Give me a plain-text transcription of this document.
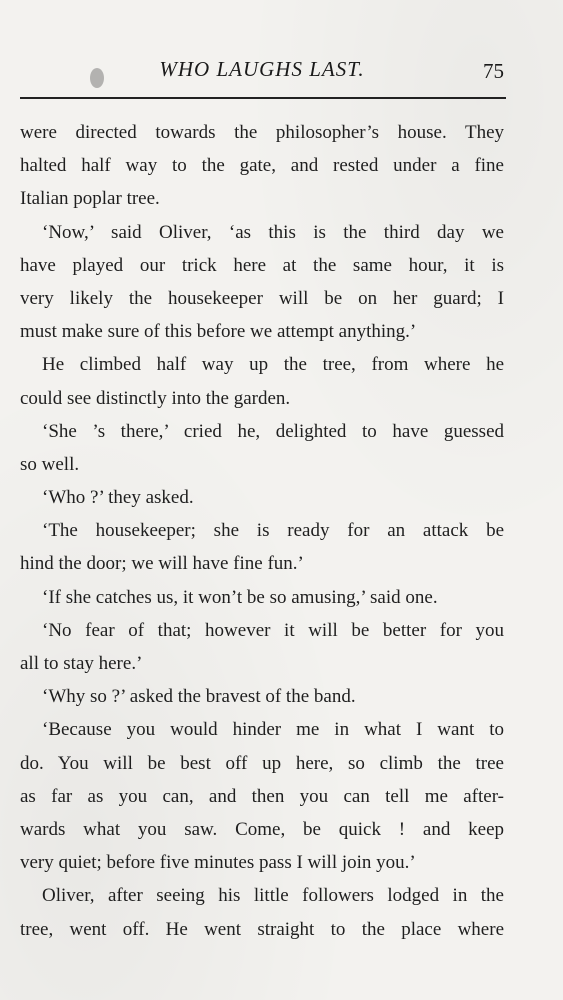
WHO LAUGHS LAST.	75
were directed towards the philosopher’s house. They
halted half way to the gate, and rested under a fine
Italian poplar tree.
‘Now,’ said Oliver, ‘as this is the third day we
have played our trick here at the same hour, it is
very likely the housekeeper will be on her guard; I
must make sure of this before we attempt anything.’
He climbed half way up the tree, from where he
could see distinctly into the garden.
‘She ’s there,’ cried he, delighted to have guessed
so well.
‘Who ?’ they asked.
‘The housekeeper; she is ready for an attack be
hind the door; we will have fine fun.’
‘If she catches us, it won’t be so amusing,’ said one.
‘No fear of that; however it will be better for you
all to stay here.’
‘Why so ?’ asked the bravest of the band.
‘Because you would hinder me in what I want to
do. You will be best off up here, so climb the tree
as far as you can, and then you can tell me after-
wards what you saw. Come, be quick ! and keep
very quiet; before five minutes pass I will join you.’
Oliver, after seeing his little followers lodged in the
tree, went off. He went straight to the place where
